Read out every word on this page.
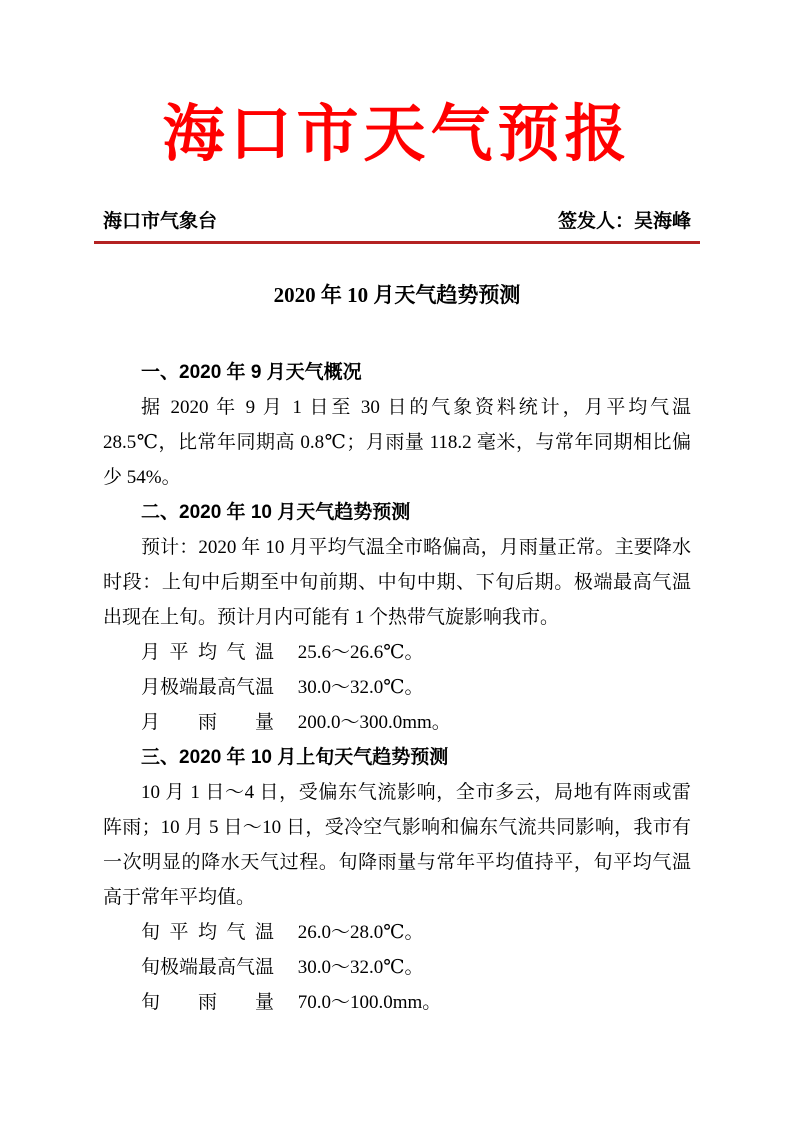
海口市天气预报
海口市气象台	签发人：吴海峰
2020 年 10 月天气趋势预测
一、2020 年 9 月天气概况

据 2020 年 9 月 1 日至 30 日的气象资料统计，月平均气温 28.5℃，比常年同期高 0.8℃；月雨量 118.2 毫米，与常年同期相比偏少 54%。

二、2020 年 10 月天气趋势预测

预计：2020 年 10 月平均气温全市略偏高，月雨量正常。主要降水时段：上旬中后期至中旬前期、中旬中期、下旬后期。极端最高气温出现在上旬。预计月内可能有 1 个热带气旋影响我市。

月平均气温 25.6～26.6℃。
月极端最高气温 30.0～32.0℃。
月雨量 200.0～300.0mm。
三、2020 年 10 月上旬天气趋势预测

10 月 1 日～4 日，受偏东气流影响，全市多云，局地有阵雨或雷阵雨；10 月 5 日～10 日，受冷空气影响和偏东气流共同影响，我市有一次明显的降水天气过程。旬降雨量与常年平均值持平，旬平均气温高于常年平均值。

旬平均气温 26.0～28.0℃。
旬极端最高气温 30.0～32.0℃。
旬雨量 70.0～100.0mm。
